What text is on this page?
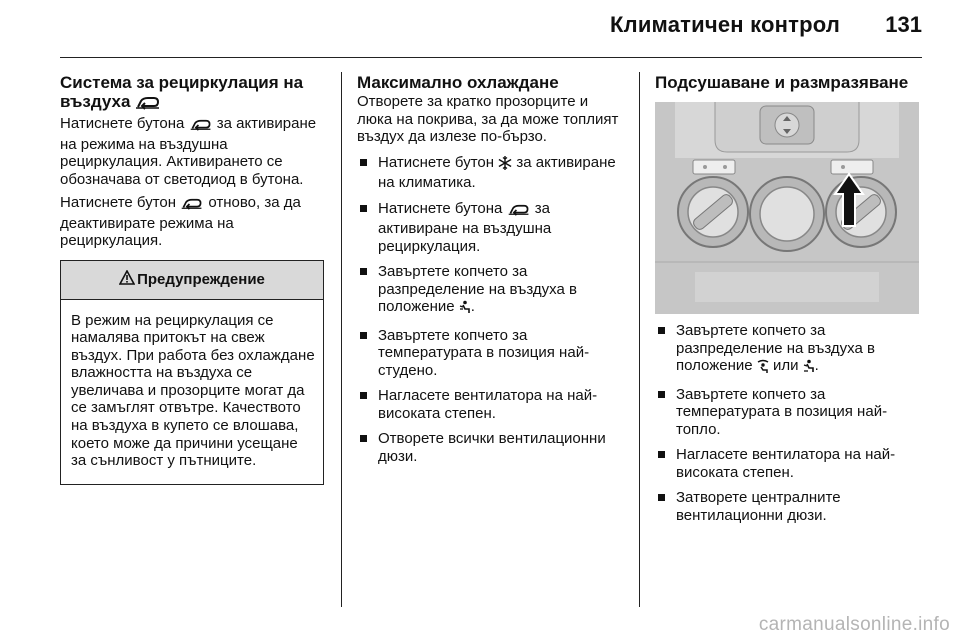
Климатичен контрол 131
Система за рециркулация на
въздуха

Натиснете бутона за активиране на режима на въздушна рециркулация. Активирането се обозначава от светодиод в бутона.

Натиснете бутон отново, за да деактивирате режима на рециркулация.

Предупреждение
В режим на рециркулация се намалява притокът на свеж въздух. При работа без охлаждане влажността на въздуха се увеличава и прозорците могат да се замъглят отвътре. Качеството на въздуха в купето се влошава, което може да причини усещане за сънливост у пътниците.
Максимално охлаждане

Отворете за кратко прозорците и люка на покрива, за да може топлият въздух да излезе по-бързо.

Натиснете бутон за активиране на климатика.
Натиснете бутона за активиране на въздушна рециркулация.
Завъртете копчето за разпределение на въздуха в положение .
Завъртете копчето за температурата в позиция най-студено.
Нагласете вентилатора на най-високата степен.
Отворете всички вентилационни дюзи.
Подсушаване и размразяване
Завъртете копчето за разпределение на въздуха в положение или .
Завъртете копчето за температурата в позиция най-топло.
Нагласете вентилатора на най-високата степен.
Затворете централните вентилационни дюзи.
carmanualsonline.info
